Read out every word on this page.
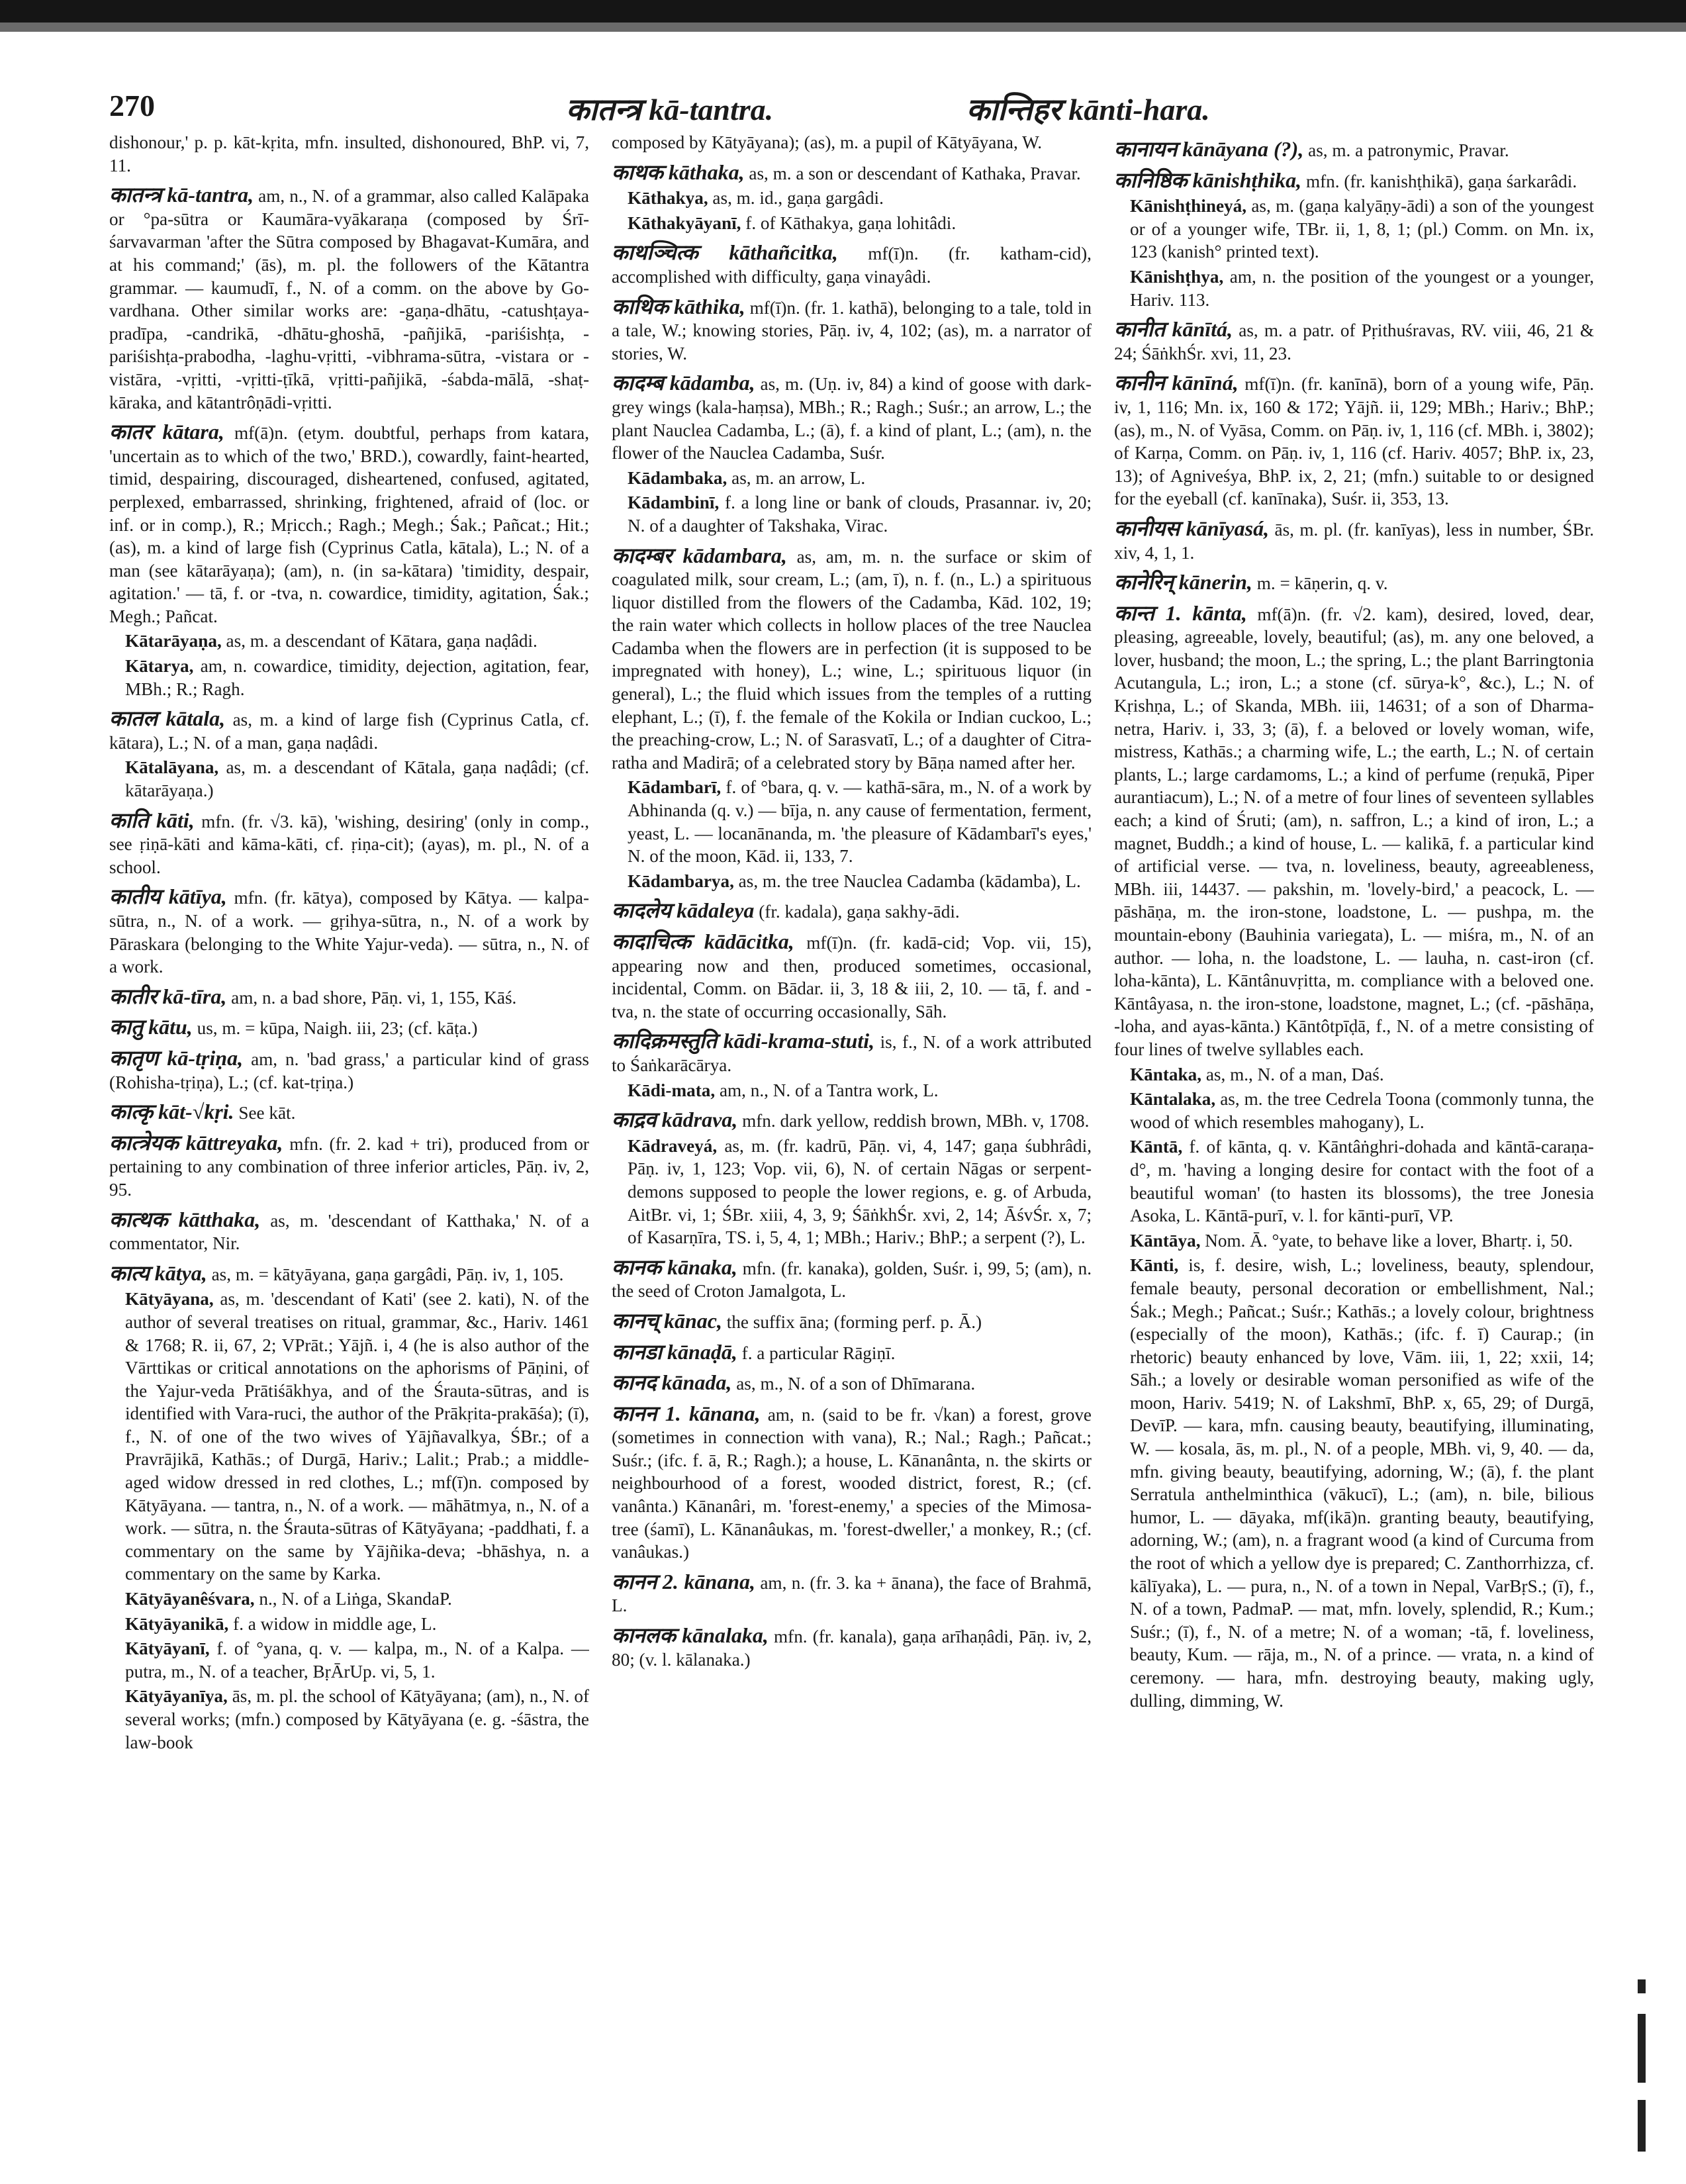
270	कातन्त्र kā-tantra.	कान्तिहर kānti-hara.

dishonour,' p. p. kāt-kṛita, mfn. insulted, dishonoured, BhP. vi, 7, 11.

कातन्त्र kā-tantra, am, n., N. of a grammar, also called Kalāpaka or °pa-sūtra or Kaumāra-vyākaraṇa (composed by Śrī-śarvavarman 'after the Sūtra composed by Bhagavat-Kumāra, and at his command;' (ās), m. pl. the followers of the Kātantra grammar. — kaumudī, f., N. of a comm. on the above by Go-vardhana. Other similar works are: -gaṇa-dhātu, -catushṭaya-pradīpa, -candrikā, -dhātu-ghoshā, -pañjikā, -pariśishṭa, -pariśishṭa-prabodha, -laghu-vṛitti, -vibhrama-sūtra, -vistara or -vistāra, -vṛitti, -vṛitti-ṭīkā, vṛitti-pañjikā, -śabda-mālā, -shaṭ-kāraka, and kātantrôṇādi-vṛitti.

कातर kātara, mf(ā)n. (etym. doubtful, perhaps from katara, 'uncertain as to which of the two,' BRD.), cowardly, faint-hearted, timid, despairing, discouraged, disheartened, confused, agitated, perplexed, embarrassed, shrinking, frightened, afraid of (loc. or inf. or in comp.), R.; Mṛicch.; Ragh.; Megh.; Śak.; Pañcat.; Hit.; (as), m. a kind of large fish (Cyprinus Catla, kātala), L.; N. of a man (see kātarāyaṇa); (am), n. (in sa-kātara) 'timidity, despair, agitation.' — tā, f. or -tva, n. cowardice, timidity, agitation, Śak.; Megh.; Pañcat.

Kātarāyaṇa, as, m. a descendant of Kātara, gaṇa naḍâdi.

Kātarya, am, n. cowardice, timidity, dejection, agitation, fear, MBh.; R.; Ragh.

कातल kātala, as, m. a kind of large fish (Cyprinus Catla, cf. kātara), L.; N. of a man, gaṇa naḍâdi.

Kātalāyana, as, m. a descendant of Kātala, gaṇa naḍâdi; (cf. kātarāyaṇa.)

काति kāti, mfn. (fr. √3. kā), 'wishing, desiring' (only in comp., see ṛiṇā-kāti and kāma-kāti, cf. ṛiṇa-cit); (ayas), m. pl., N. of a school.

कातीय kātīya, mfn. (fr. kātya), composed by Kātya. — kalpa-sūtra, n., N. of a work. — gṛihya-sūtra, n., N. of a work by Pāraskara (belonging to the White Yajur-veda). — sūtra, n., N. of a work.

कातीर kā-tīra, am, n. a bad shore, Pāṇ. vi, 1, 155, Kāś.

कातु kātu, us, m. = kūpa, Naigh. iii, 23; (cf. kāṭa.)

कातृण kā-tṛiṇa, am, n. 'bad grass,' a particular kind of grass (Rohisha-tṛiṇa), L.; (cf. kat-tṛiṇa.)

कात्कृ kāt-√kṛi. See kāt.

कात्त्रेयक kāttreyaka, mfn. (fr. 2. kad + tri), produced from or pertaining to any combination of three inferior articles, Pāṇ. iv, 2, 95.

कात्थक kātthaka, as, m. 'descendant of Katthaka,' N. of a commentator, Nir.

कात्य kātya, as, m. = kātyāyana, gaṇa gargâdi, Pāṇ. iv, 1, 105.

Kātyāyana, as, m. 'descendant of Kati' (see 2. kati), N. of the author of several treatises on ritual, grammar, &c., Hariv. 1461 & 1768; R. ii, 67, 2; VPrāt.; Yājñ. i, 4 (he is also author of the Vārttikas or critical annotations on the aphorisms of Pāṇini, of the Yajur-veda Prātiśākhya, and of the Śrauta-sūtras, and is identified with Vara-ruci, the author of the Prākṛita-prakāśa); (ī), f., N. of one of the two wives of Yājñavalkya, ŚBr.; of a Pravrājikā, Kathās.; of Durgā, Hariv.; Lalit.; Prab.; a middle-aged widow dressed in red clothes, L.; mf(ī)n. composed by Kātyāyana. — tantra, n., N. of a work. — māhātmya, n., N. of a work. — sūtra, n. the Śrauta-sūtras of Kātyāyana; -paddhati, f. a commentary on the same by Yājñika-deva; -bhāshya, n. a commentary on the same by Karka.

Kātyāyanêśvara, n., N. of a Liṅga, SkandaP.

Kātyāyanikā, f. a widow in middle age, L.

Kātyāyanī, f. of °yana, q. v. — kalpa, m., N. of a Kalpa. — putra, m., N. of a teacher, BṛĀrUp. vi, 5, 1.

Kātyāyanīya, ās, m. pl. the school of Kātyāyana; (am), n., N. of several works; (mfn.) composed by Kātyāyana (e. g. -śāstra, the law-book

composed by Kātyāyana); (as), m. a pupil of Kātyāyana, W.

काथक kāthaka, as, m. a son or descendant of Kathaka, Pravar.

Kāthakya, as, m. id., gaṇa gargâdi.

Kāthakyāyanī, f. of Kāthakya, gaṇa lohitâdi.

काथञ्चित्क kāthañcitka, mf(ī)n. (fr. katham-cid), accomplished with difficulty, gaṇa vinayâdi.

काथिक kāthika, mf(ī)n. (fr. 1. kathā), belonging to a tale, told in a tale, W.; knowing stories, Pāṇ. iv, 4, 102; (as), m. a narrator of stories, W.

कादम्ब kādamba, as, m. (Uṇ. iv, 84) a kind of goose with dark-grey wings (kala-haṃsa), MBh.; R.; Ragh.; Suśr.; an arrow, L.; the plant Nauclea Cadamba, L.; (ā), f. a kind of plant, L.; (am), n. the flower of the Nauclea Cadamba, Suśr.

Kādambaka, as, m. an arrow, L.

Kādambinī, f. a long line or bank of clouds, Prasannar. iv, 20; N. of a daughter of Takshaka, Virac.

कादम्बर kādambara, as, am, m. n. the surface or skim of coagulated milk, sour cream, L.; (am, ī), n. f. (n., L.) a spirituous liquor distilled from the flowers of the Cadamba, Kād. 102, 19; the rain water which collects in hollow places of the tree Nauclea Cadamba when the flowers are in perfection (it is supposed to be impregnated with honey), L.; wine, L.; spirituous liquor (in general), L.; the fluid which issues from the temples of a rutting elephant, L.; (ī), f. the female of the Kokila or Indian cuckoo, L.; the preaching-crow, L.; N. of Sarasvatī, L.; of a daughter of Citra-ratha and Madirā; of a celebrated story by Bāṇa named after her.

Kādambarī, f. of °bara, q. v. — kathā-sāra, m., N. of a work by Abhinanda (q. v.) — bīja, n. any cause of fermentation, ferment, yeast, L. — locanānanda, m. 'the pleasure of Kādambarī's eyes,' N. of the moon, Kād. ii, 133, 7.

Kādambarya, as, m. the tree Nauclea Cadamba (kādamba), L.

कादलेय kādaleya (fr. kadala), gaṇa sakhy-ādi.

कादाचित्क kādācitka, mf(ī)n. (fr. kadā-cid; Vop. vii, 15), appearing now and then, produced sometimes, occasional, incidental, Comm. on Bādar. ii, 3, 18 & iii, 2, 10. — tā, f. and -tva, n. the state of occurring occasionally, Sāh.

कादिक्रमस्तुति kādi-krama-stuti, is, f., N. of a work attributed to Śaṅkarācārya.

Kādi-mata, am, n., N. of a Tantra work, L.

काद्रव kādrava, mfn. dark yellow, reddish brown, MBh. v, 1708.

Kādraveyá, as, m. (fr. kadrū, Pāṇ. vi, 4, 147; gaṇa śubhrâdi, Pāṇ. iv, 1, 123; Vop. vii, 6), N. of certain Nāgas or serpent-demons supposed to people the lower regions, e. g. of Arbuda, AitBr. vi, 1; ŚBr. xiii, 4, 3, 9; ŚāṅkhŚr. xvi, 2, 14; ĀśvŚr. x, 7; of Kasarṇīra, TS. i, 5, 4, 1; MBh.; Hariv.; BhP.; a serpent (?), L.

कानक kānaka, mfn. (fr. kanaka), golden, Suśr. i, 99, 5; (am), n. the seed of Croton Jamalgota, L.

कानच् kānac, the suffix āna; (forming perf. p. Ā.)

कानडा kānaḍā, f. a particular Rāgiṇī.

कानद kānada, as, m., N. of a son of Dhīmarana.

कानन 1. kānana, am, n. (said to be fr. √kan) a forest, grove (sometimes in connection with vana), R.; Nal.; Ragh.; Pañcat.; Suśr.; (ifc. f. ā, R.; Ragh.); a house, L. Kānanânta, n. the skirts or neighbourhood of a forest, wooded district, forest, R.; (cf. vanânta.) Kānanâri, m. 'forest-enemy,' a species of the Mimosa-tree (śamī), L. Kānanâukas, m. 'forest-dweller,' a monkey, R.; (cf. vanâukas.)

कानन 2. kānana, am, n. (fr. 3. ka + ānana), the face of Brahmā, L.

कानलक kānalaka, mfn. (fr. kanala), gaṇa arīhaṇâdi, Pāṇ. iv, 2, 80; (v. l. kālanaka.)

कानायन kānāyana (?), as, m. a patronymic, Pravar.

कानिष्ठिक kānishṭhika, mfn. (fr. kanishṭhikā), gaṇa śarkarâdi.

Kānishṭhineyá, as, m. (gaṇa kalyāṇy-ādi) a son of the youngest or of a younger wife, TBr. ii, 1, 8, 1; (pl.) Comm. on Mn. ix, 123 (kanish° printed text).

Kānishṭhya, am, n. the position of the youngest or a younger, Hariv. 113.

कानीत kānītá, as, m. a patr. of Pṛithuśravas, RV. viii, 46, 21 & 24; ŚāṅkhŚr. xvi, 11, 23.

कानीन kānīná, mf(ī)n. (fr. kanīnā), born of a young wife, Pāṇ. iv, 1, 116; Mn. ix, 160 & 172; Yājñ. ii, 129; MBh.; Hariv.; BhP.; (as), m., N. of Vyāsa, Comm. on Pāṇ. iv, 1, 116 (cf. MBh. i, 3802); of Karṇa, Comm. on Pāṇ. iv, 1, 116 (cf. Hariv. 4057; BhP. ix, 23, 13); of Agniveśya, BhP. ix, 2, 21; (mfn.) suitable to or designed for the eyeball (cf. kanīnaka), Suśr. ii, 353, 13.

कानीयस kānīyasá, ās, m. pl. (fr. kanīyas), less in number, ŚBr. xiv, 4, 1, 1.

कानेरिन् kānerin, m. = kāṇerin, q. v.

कान्त 1. kānta, mf(ā)n. (fr. √2. kam), desired, loved, dear, pleasing, agreeable, lovely, beautiful; (as), m. any one beloved, a lover, husband; the moon, L.; the spring, L.; the plant Barringtonia Acutangula, L.; iron, L.; a stone (cf. sūrya-k°, &c.), L.; N. of Kṛishṇa, L.; of Skanda, MBh. iii, 14631; of a son of Dharma-netra, Hariv. i, 33, 3; (ā), f. a beloved or lovely woman, wife, mistress, Kathās.; a charming wife, L.; the earth, L.; N. of certain plants, L.; large cardamoms, L.; a kind of perfume (reṇukā, Piper aurantiacum), L.; N. of a metre of four lines of seventeen syllables each; a kind of Śruti; (am), n. saffron, L.; a kind of iron, L.; a magnet, Buddh.; a kind of house, L. — kalikā, f. a particular kind of artificial verse. — tva, n. loveliness, beauty, agreeableness, MBh. iii, 14437. — pakshin, m. 'lovely-bird,' a peacock, L. — pāshāṇa, m. the iron-stone, loadstone, L. — pushpa, m. the mountain-ebony (Bauhinia variegata), L. — miśra, m., N. of an author. — loha, n. the loadstone, L. — lauha, n. cast-iron (cf. loha-kānta), L. Kāntânuvṛitta, m. compliance with a beloved one. Kāntâyasa, n. the iron-stone, loadstone, magnet, L.; (cf. -pāshāṇa, -loha, and ayas-kānta.) Kāntôtpīḍā, f., N. of a metre consisting of four lines of twelve syllables each.

Kāntaka, as, m., N. of a man, Daś.

Kāntalaka, as, m. the tree Cedrela Toona (commonly tunna, the wood of which resembles mahogany), L.

Kāntā, f. of kānta, q. v. Kāntâṅghri-dohada and kāntā-caraṇa-d°, m. 'having a longing desire for contact with the foot of a beautiful woman' (to hasten its blossoms), the tree Jonesia Asoka, L. Kāntā-purī, v. l. for kānti-purī, VP.

Kāntāya, Nom. Ā. °yate, to behave like a lover, Bhartṛ. i, 50.

Kānti, is, f. desire, wish, L.; loveliness, beauty, splendour, female beauty, personal decoration or embellishment, Nal.; Śak.; Megh.; Pañcat.; Suśr.; Kathās.; a lovely colour, brightness (especially of the moon), Kathās.; (ifc. f. ī) Caurap.; (in rhetoric) beauty enhanced by love, Vām. iii, 1, 22; xxii, 14; Sāh.; a lovely or desirable woman personified as wife of the moon, Hariv. 5419; N. of Lakshmī, BhP. x, 65, 29; of Durgā, DevīP. — kara, mfn. causing beauty, beautifying, illuminating, W. — kosala, ās, m. pl., N. of a people, MBh. vi, 9, 40. — da, mfn. giving beauty, beautifying, adorning, W.; (ā), f. the plant Serratula anthelminthica (vākucī), L.; (am), n. bile, bilious humor, L. — dāyaka, mf(ikā)n. granting beauty, beautifying, adorning, W.; (am), n. a fragrant wood (a kind of Curcuma from the root of which a yellow dye is prepared; C. Zanthorrhizza, cf. kālīyaka), L. — pura, n., N. of a town in Nepal, VarBṛS.; (ī), f., N. of a town, PadmaP. — mat, mfn. lovely, splendid, R.; Kum.; Suśr.; (ī), f., N. of a metre; N. of a woman; -tā, f. loveliness, beauty, Kum. — rāja, m., N. of a prince. — vrata, n. a kind of ceremony. — hara, mfn. destroying beauty, making ugly, dulling, dimming, W.
